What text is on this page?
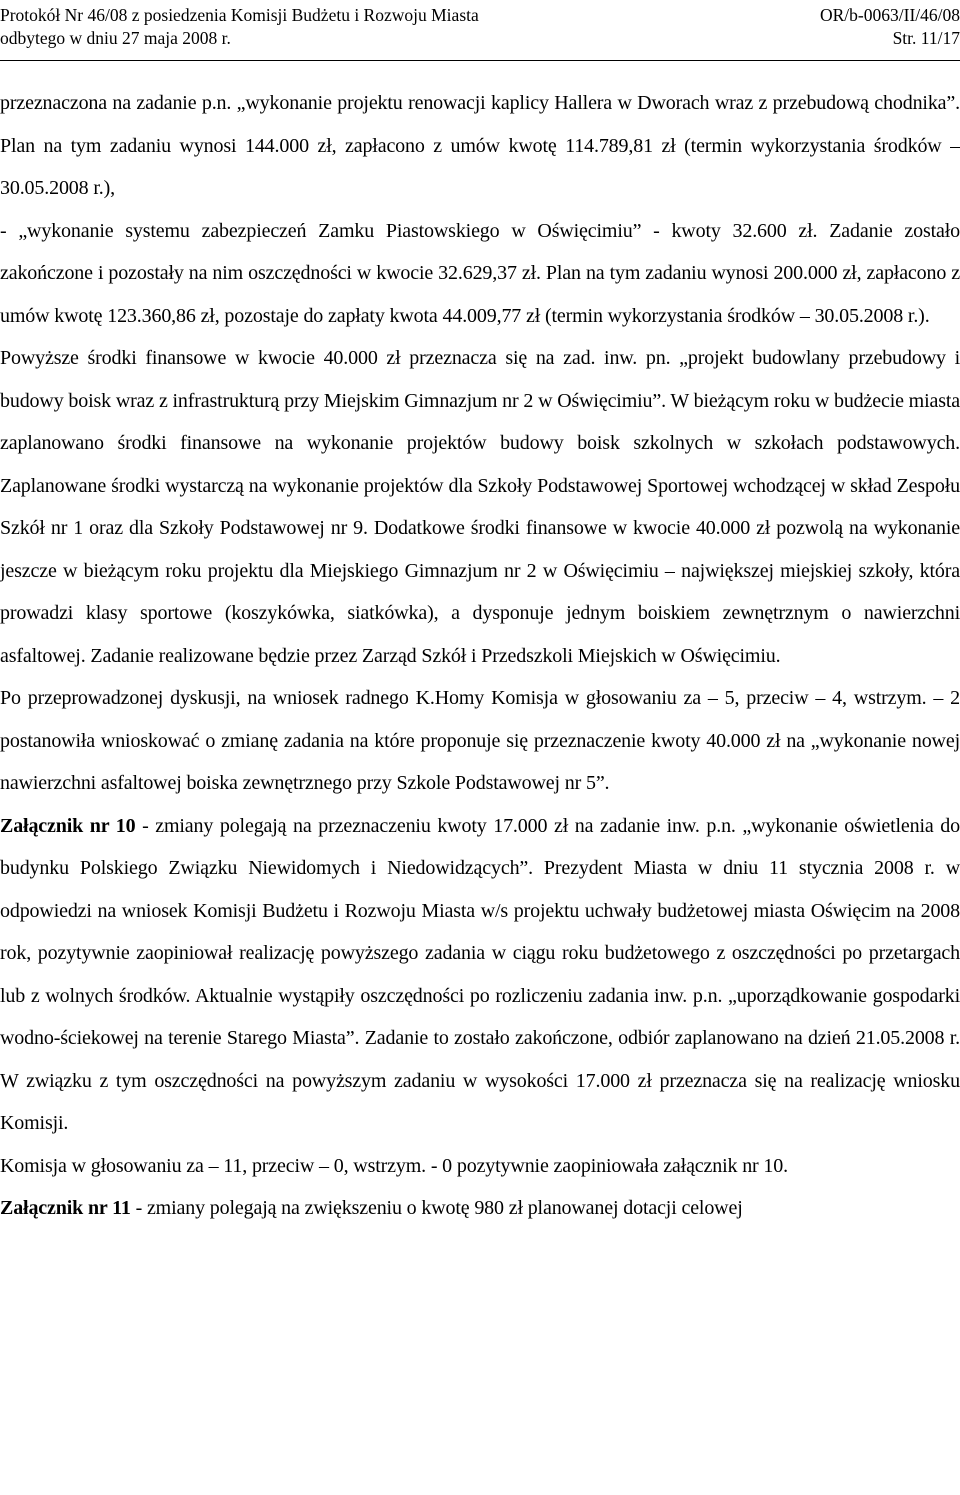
Protokół Nr 46/08 z posiedzenia Komisji Budżetu i Rozwoju Miasta	OR/b-0063/II/46/08
odbytego w dniu 27 maja 2008 r.	Str. 11/17

przeznaczona na zadanie p.n. „wykonanie projektu renowacji kaplicy Hallera w Dworach wraz z przebudową chodnika”. Plan na tym zadaniu wynosi 144.000 zł, zapłacono z umów kwotę 114.789,81 zł (termin wykorzystania środków – 30.05.2008 r.),

- „wykonanie systemu zabezpieczeń Zamku Piastowskiego w Oświęcimiu” - kwoty 32.600 zł. Zadanie zostało zakończone i pozostały na nim oszczędności w kwocie 32.629,37 zł. Plan na tym zadaniu wynosi 200.000 zł, zapłacono z umów kwotę 123.360,86 zł, pozostaje do zapłaty kwota 44.009,77 zł (termin wykorzystania środków – 30.05.2008 r.).

Powyższe środki finansowe w kwocie 40.000 zł przeznacza się na zad. inw. pn. „projekt budowlany przebudowy i budowy boisk wraz z infrastrukturą przy Miejskim Gimnazjum nr 2 w Oświęcimiu”. W bieżącym roku w budżecie miasta zaplanowano środki finansowe na wykonanie projektów budowy boisk szkolnych w szkołach podstawowych. Zaplanowane środki wystarczą na wykonanie projektów dla Szkoły Podstawowej Sportowej wchodzącej w skład Zespołu Szkół nr 1 oraz dla Szkoły Podstawowej nr 9. Dodatkowe środki finansowe w kwocie 40.000 zł pozwolą na wykonanie jeszcze w bieżącym roku projektu dla Miejskiego Gimnazjum nr 2 w Oświęcimiu – największej miejskiej szkoły, która prowadzi klasy sportowe (koszykówka, siatkówka), a dysponuje jednym boiskiem zewnętrznym o nawierzchni asfaltowej. Zadanie realizowane będzie przez Zarząd Szkół i Przedszkoli Miejskich w Oświęcimiu.

Po przeprowadzonej dyskusji, na wniosek radnego K.Homy Komisja w głosowaniu za – 5, przeciw – 4, wstrzym. – 2 postanowiła wnioskować o zmianę zadania na które proponuje się przeznaczenie kwoty 40.000 zł na „wykonanie nowej nawierzchni asfaltowej boiska zewnętrznego przy Szkole Podstawowej nr 5”.

Załącznik nr 10 - zmiany polegają na przeznaczeniu kwoty 17.000 zł na zadanie inw. p.n. „wykonanie oświetlenia do budynku Polskiego Związku Niewidomych i Niedowidzących”. Prezydent Miasta w dniu 11 stycznia 2008 r. w odpowiedzi na wniosek Komisji Budżetu i Rozwoju Miasta w/s projektu uchwały budżetowej miasta Oświęcim na 2008 rok, pozytywnie zaopiniował realizację powyższego zadania w ciągu roku budżetowego z oszczędności po przetargach lub z wolnych środków. Aktualnie wystąpiły oszczędności po rozliczeniu zadania inw. p.n. „uporządkowanie gospodarki wodno-ściekowej na terenie Starego Miasta”. Zadanie to zostało zakończone, odbiór zaplanowano na dzień 21.05.2008 r. W związku z tym oszczędności na powyższym zadaniu w wysokości 17.000 zł przeznacza się na realizację wniosku Komisji.

Komisja w głosowaniu za – 11, przeciw – 0, wstrzym. - 0 pozytywnie zaopiniowała załącznik nr 10.

Załącznik nr 11 - zmiany polegają na zwiększeniu o kwotę 980 zł planowanej dotacji celowej
